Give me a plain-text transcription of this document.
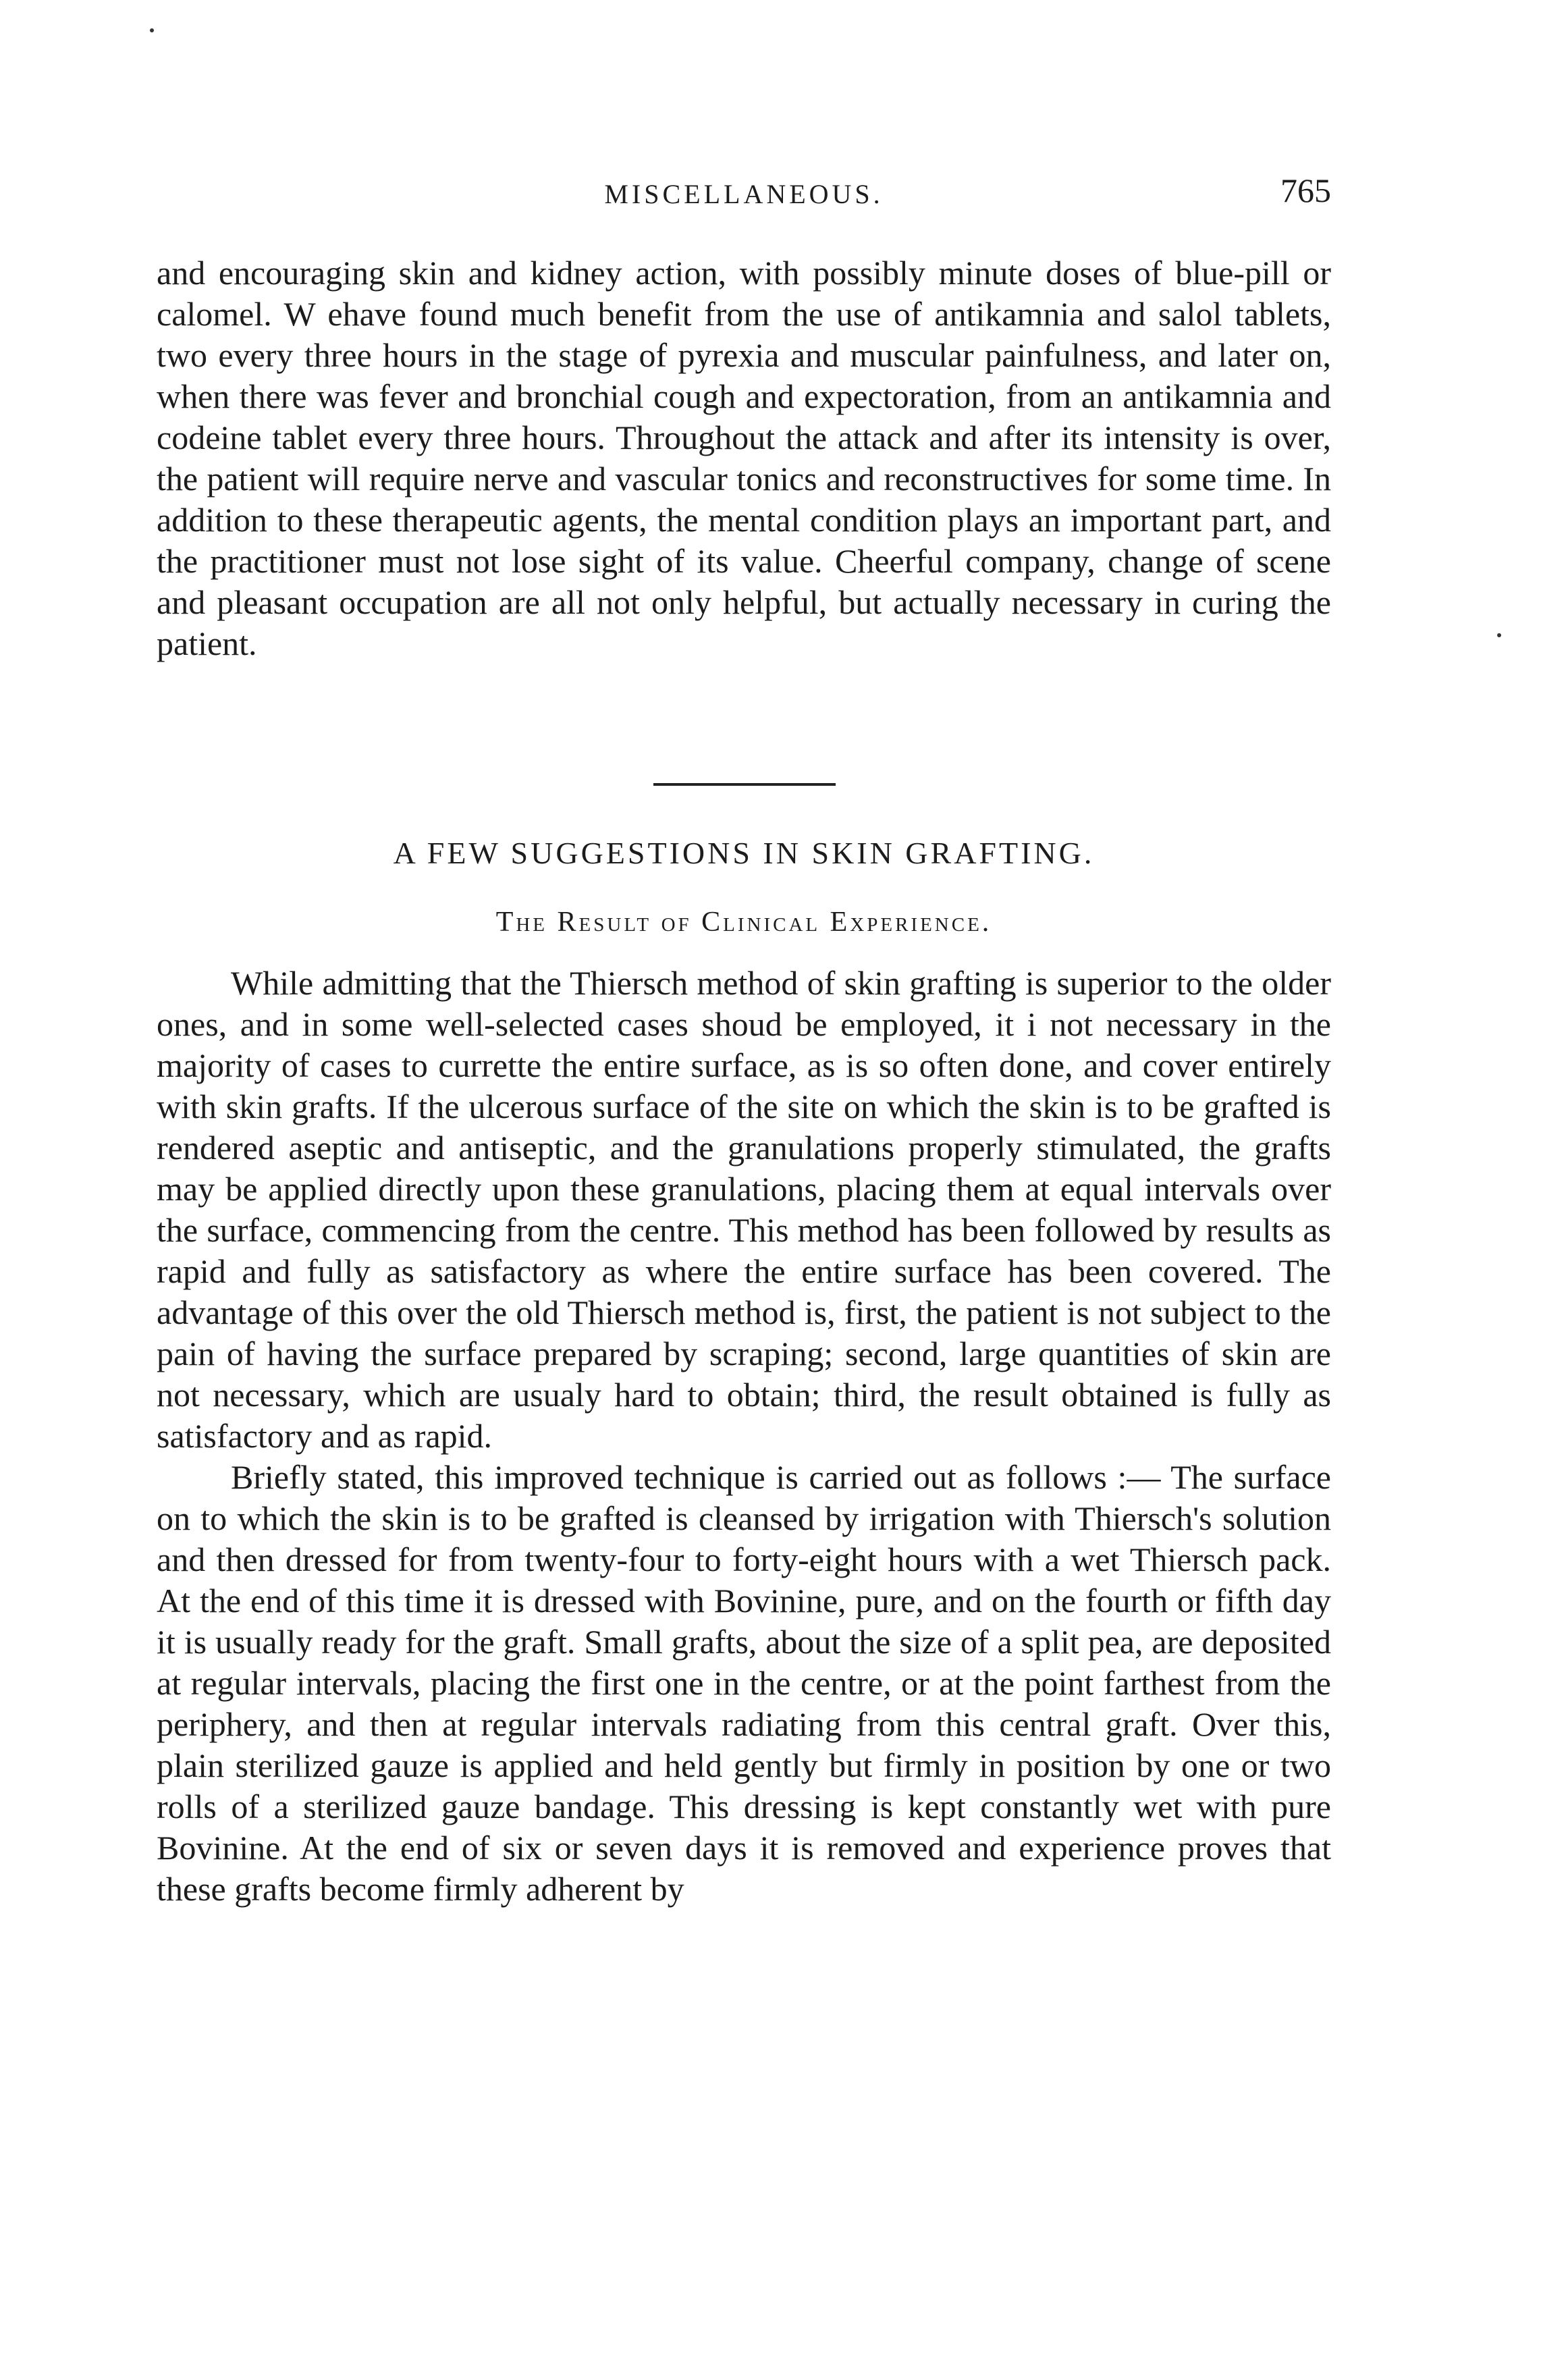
MISCELLANEOUS.	765

and encouraging skin and kidney action, with possibly minute doses of blue-pill or calomel. W ehave found much benefit from the use of antikamnia and salol tablets, two every three hours in the stage of pyrexia and muscular painfulness, and later on, when there was fever and bronchial cough and expectoration, from an antikamnia and codeine tablet every three hours. Throughout the attack and after its intensity is over, the patient will require nerve and vascular tonics and reconstructives for some time. In addition to these therapeutic agents, the mental condition plays an important part, and the practitioner must not lose sight of its value. Cheerful company, change of scene and pleasant occupation are all not only helpful, but actually necessary in curing the patient.

A FEW SUGGESTIONS IN SKIN GRAFTING.
The Result of Clinical Experience.

While admitting that the Thiersch method of skin grafting is superior to the older ones, and in some well-selected cases shoud be employed, it i not necessary in the majority of cases to currette the entire surface, as is so often done, and cover entirely with skin grafts. If the ulcerous surface of the site on which the skin is to be grafted is rendered aseptic and antiseptic, and the granulations properly stimulated, the grafts may be applied directly upon these granulations, placing them at equal intervals over the surface, commencing from the centre. This method has been followed by results as rapid and fully as satisfactory as where the entire surface has been covered. The advantage of this over the old Thiersch method is, first, the patient is not subject to the pain of having the surface prepared by scraping; second, large quantities of skin are not necessary, which are usualy hard to obtain; third, the result obtained is fully as satisfactory and as rapid.

Briefly stated, this improved technique is carried out as follows :— The surface on to which the skin is to be grafted is cleansed by irrigation with Thiersch's solution and then dressed for from twenty-four to forty-eight hours with a wet Thiersch pack. At the end of this time it is dressed with Bovinine, pure, and on the fourth or fifth day it is usually ready for the graft. Small grafts, about the size of a split pea, are deposited at regular intervals, placing the first one in the centre, or at the point farthest from the periphery, and then at regular intervals radiating from this central graft. Over this, plain sterilized gauze is applied and held gently but firmly in position by one or two rolls of a sterilized gauze bandage. This dressing is kept constantly wet with pure Bovinine. At the end of six or seven days it is removed and experience proves that these grafts become firmly adherent by
